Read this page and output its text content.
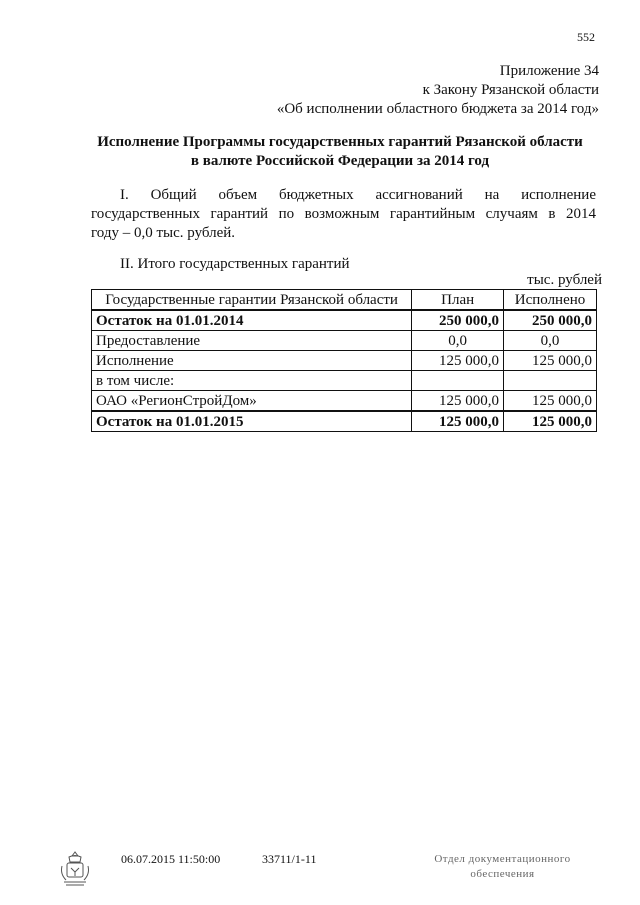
552
Приложение 34
к Закону Рязанской области
«Об исполнении областного бюджета за 2014 год»
Исполнение Программы государственных гарантий Рязанской области
в валюте Российской Федерации за 2014 год
I. Общий объем бюджетных ассигнований на исполнение
государственных гарантий по возможным гарантийным случаям в 2014
году – 0,0 тыс. рублей.
II. Итого государственных гарантий
тыс. рублей
Государственные гарантии Рязанской области	План	Исполнено
Остаток на 01.01.2014	250 000,0	250 000,0
Предоставление	0,0	0,0
Исполнение	125 000,0	125 000,0
в том числе:		
ОАО «РегионСтройДом»	125 000,0	125 000,0
Остаток на 01.01.2015	125 000,0	125 000,0
06.07.2015 11:50:00	33711/1-11	Отдел документационного
обеспечения
